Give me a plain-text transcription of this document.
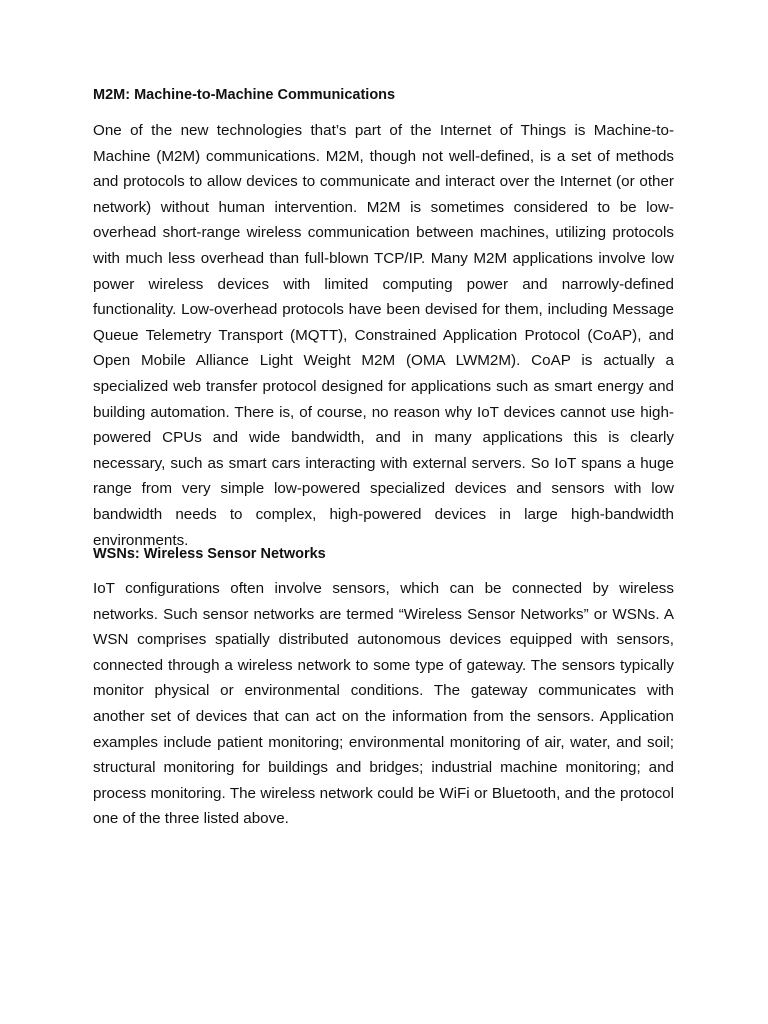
M2M: Machine-to-Machine Communications

One of the new technologies that’s part of the Internet of Things is Machine-to-Machine (M2M) communications. M2M, though not well-defined, is a set of methods and protocols to allow devices to communicate and interact over the Internet (or other network) without human intervention. M2M is sometimes considered to be low-overhead short-range wireless communication between machines, utilizing protocols with much less overhead than full-blown TCP/IP. Many M2M applications involve low power wireless devices with limited computing power and narrowly-defined functionality. Low-overhead protocols have been devised for them, including Message Queue Telemetry Transport (MQTT), Constrained Application Protocol (CoAP), and Open Mobile Alliance Light Weight M2M (OMA LWM2M). CoAP is actually a specialized web transfer protocol designed for applications such as smart energy and building automation. There is, of course, no reason why IoT devices cannot use high-powered CPUs and wide bandwidth, and in many applications this is clearly necessary, such as smart cars interacting with external servers. So IoT spans a huge range from very simple low-powered specialized devices and sensors with low bandwidth needs to complex, high-powered devices in large high-bandwidth environments.

WSNs: Wireless Sensor Networks

IoT configurations often involve sensors, which can be connected by wireless networks. Such sensor networks are termed “Wireless Sensor Networks” or WSNs. A WSN comprises spatially distributed autonomous devices equipped with sensors, connected through a wireless network to some type of gateway. The sensors typically monitor physical or environmental conditions. The gateway communicates with another set of devices that can act on the information from the sensors. Application examples include patient monitoring; environmental monitoring of air, water, and soil; structural monitoring for buildings and bridges; industrial machine monitoring; and process monitoring. The wireless network could be WiFi or Bluetooth, and the protocol one of the three listed above.
